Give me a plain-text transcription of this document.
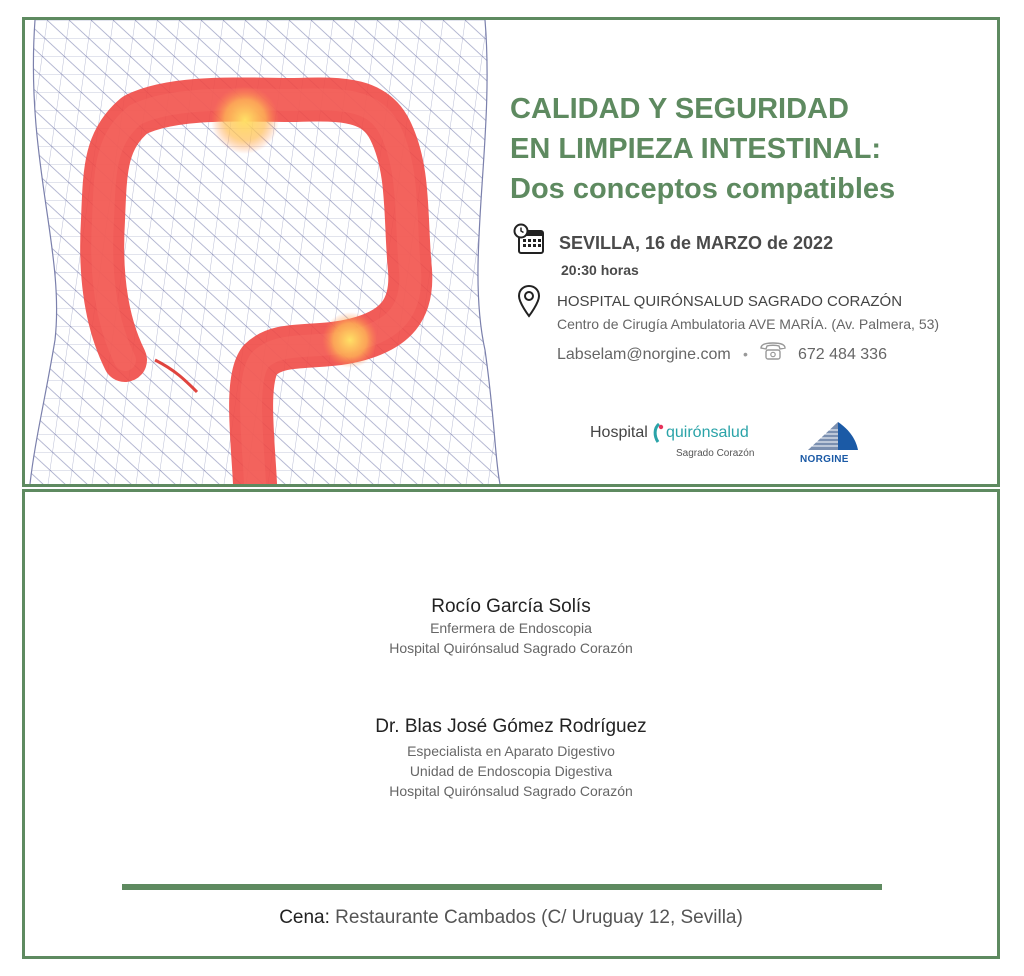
CALIDAD Y SEGURIDAD
EN LIMPIEZA INTESTINAL:
Dos conceptos compatibles
SEVILLA, 16 de MARZO de 2022
20:30 horas
HOSPITAL QUIRÓNSALUD SAGRADO CORAZÓN
Centro de Cirugía Ambulatoria AVE MARÍA. (Av. Palmera, 53)
Labselam@norgine.com •	672 484 336
Hospital quirónsalud
Sagrado Corazón
NORGINE
Rocío García Solís
Enfermera de Endoscopia
Hospital Quirónsalud Sagrado Corazón
Dr. Blas José Gómez Rodríguez
Especialista en Aparato Digestivo
Unidad de Endoscopia Digestiva
Hospital Quirónsalud Sagrado Corazón
Cena: Restaurante Cambados (C/ Uruguay 12, Sevilla)
